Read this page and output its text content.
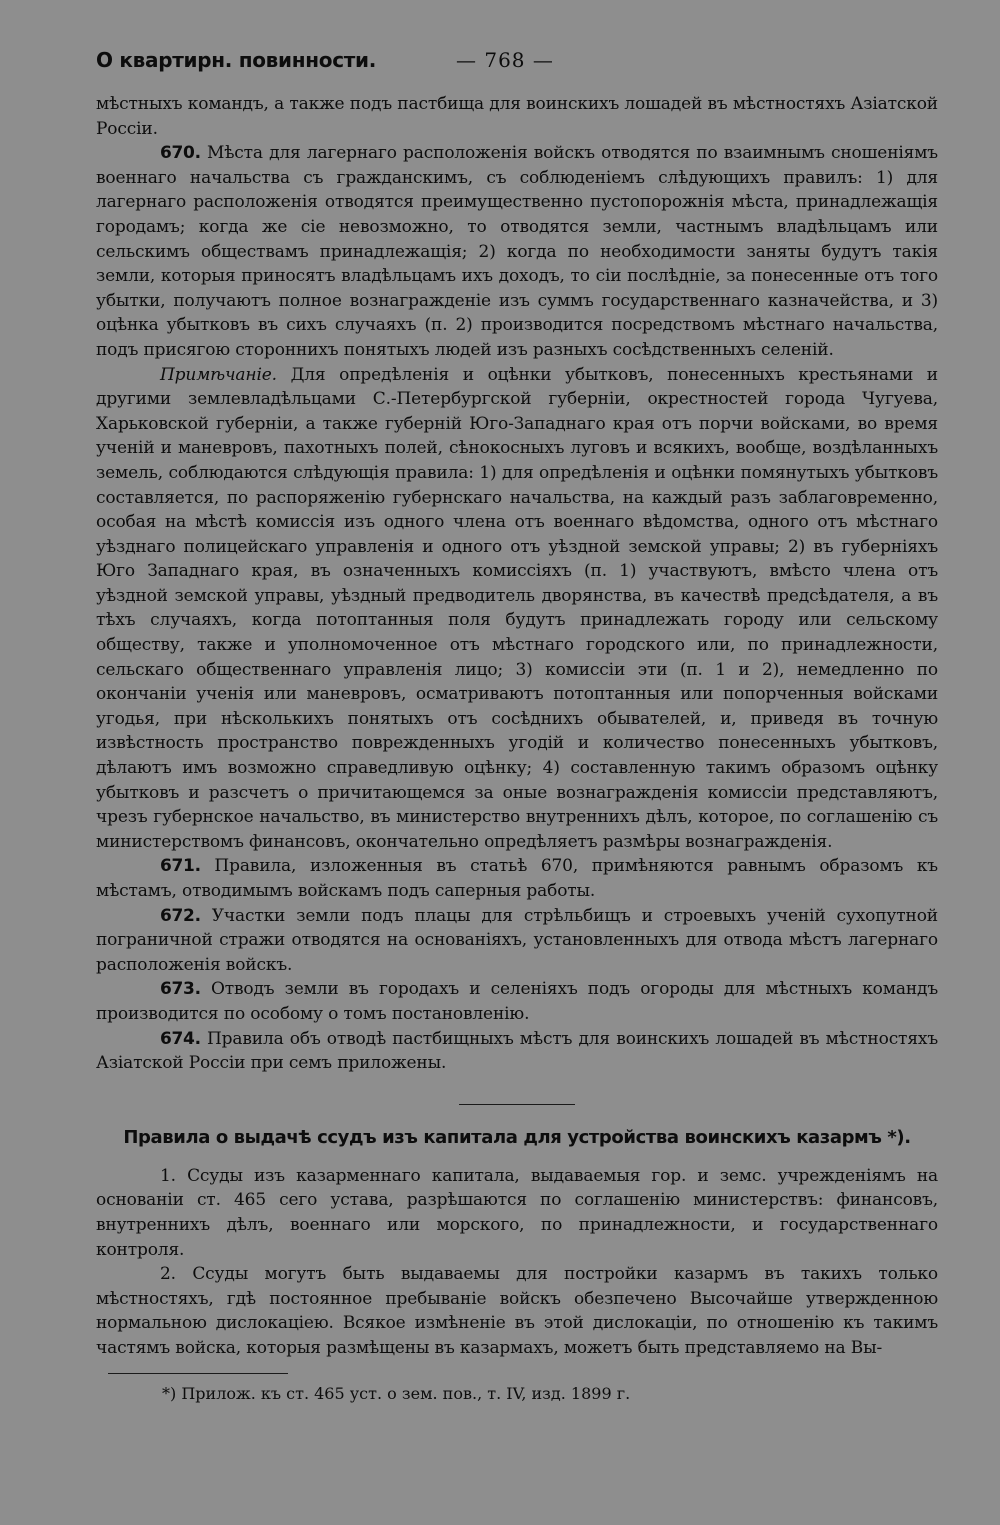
О квартирн. повинности.	— 768 —

мѣстныхъ командъ, а также подъ пастбища для воинскихъ лошадей въ мѣстностяхъ Азіатской Россіи.

670. Мѣста для лагернаго расположенія войскъ отводятся по взаимнымъ сношеніямъ военнаго начальства съ гражданскимъ, съ соблюденіемъ слѣдующихъ правилъ: 1) для лагернаго расположенія отводятся преимущественно пустопорожнія мѣста, принадлежащія городамъ; когда же сіе невозможно, то отводятся земли, частнымъ владѣльцамъ или сельскимъ обществамъ принадлежащія; 2) когда по необходимости заняты будутъ такія земли, которыя приносятъ владѣльцамъ ихъ доходъ, то сіи послѣдніе, за понесенные отъ того убытки, получаютъ полное вознагражденіе изъ суммъ государственнаго казначейства, и 3) оцѣнка убытковъ въ сихъ случаяхъ (п. 2) производится посредствомъ мѣстнаго начальства, подъ присягою стороннихъ понятыхъ людей изъ разныхъ сосѣдственныхъ селеній.

Примѣчаніе. Для опредѣленія и оцѣнки убытковъ, понесенныхъ крестьянами и другими землевладѣльцами С.-Петербургской губерніи, окрестностей города Чугуева, Харьковской губерніи, а также губерній Юго-Западнаго края отъ порчи войсками, во время ученій и маневровъ, пахотныхъ полей, сѣнокосныхъ луговъ и всякихъ, вообще, воздѣланныхъ земель, соблюдаются слѣдующія правила: 1) для опредѣленія и оцѣнки помянутыхъ убытковъ составляется, по распоряженію губернскаго начальства, на каждый разъ заблаговременно, особая на мѣстѣ комиссія изъ одного члена отъ военнаго вѣдомства, одного отъ мѣстнаго уѣзднаго полицейскаго управленія и одного отъ уѣздной земской управы; 2) въ губерніяхъ Юго Западнаго края, въ означенныхъ комиссіяхъ (п. 1) участвуютъ, вмѣсто члена отъ уѣздной земской управы, уѣздный предводитель дворянства, въ качествѣ предсѣдателя, а въ тѣхъ случаяхъ, когда потоптанныя поля будутъ принадлежать городу или сельскому обществу, также и уполномоченное отъ мѣстнаго городского или, по принадлежности, сельскаго общественнаго управленія лицо; 3) комиссіи эти (п. 1 и 2), немедленно по окончаніи ученія или маневровъ, осматриваютъ потоптанныя или попорченныя войсками угодья, при нѣсколькихъ понятыхъ отъ сосѣднихъ обывателей, и, приведя въ точную извѣстность пространство поврежденныхъ угодій и количество понесенныхъ убытковъ, дѣлаютъ имъ возможно справедливую оцѣнку; 4) составленную такимъ образомъ оцѣнку убытковъ и разсчетъ о причитающемся за оные вознагражденія комиссіи представляютъ, чрезъ губернское начальство, въ министерство внутреннихъ дѣлъ, которое, по соглашенію съ министерствомъ финансовъ, окончательно опредѣляетъ размѣры вознагражденія.

671. Правила, изложенныя въ статьѣ 670, примѣняются равнымъ образомъ къ мѣстамъ, отводимымъ войскамъ подъ саперныя работы.

672. Участки земли подъ плацы для стрѣльбищъ и строевыхъ ученій сухопутной пограничной стражи отводятся на основаніяхъ, установленныхъ для отвода мѣстъ лагернаго расположенія войскъ.

673. Отводъ земли въ городахъ и селеніяхъ подъ огороды для мѣстныхъ командъ производится по особому о томъ постановленію.

674. Правила объ отводѣ пастбищныхъ мѣстъ для воинскихъ лошадей въ мѣстностяхъ Азіатской Россіи при семъ приложены.

Правила о выдачѣ ссудъ изъ капитала для устройства воинскихъ казармъ *).

1. Ссуды изъ казарменнаго капитала, выдаваемыя гор. и земс. учрежденіямъ на основаніи ст. 465 сего устава, разрѣшаются по соглашенію министерствъ: финансовъ, внутреннихъ дѣлъ, военнаго или морского, по принадлежности, и государственнаго контроля.

2. Ссуды могутъ быть выдаваемы для постройки казармъ въ такихъ только мѣстностяхъ, гдѣ постоянное пребываніе войскъ обезпечено Высочайше утвержденною нормальною дислокаціею. Всякое измѣненіе въ этой дислокаціи, по отношенію къ такимъ частямъ войска, которыя размѣщены въ казармахъ, можетъ быть представляемо на Вы-

*) Прилож. къ ст. 465 уст. о зем. пов., т. IV, изд. 1899 г.
